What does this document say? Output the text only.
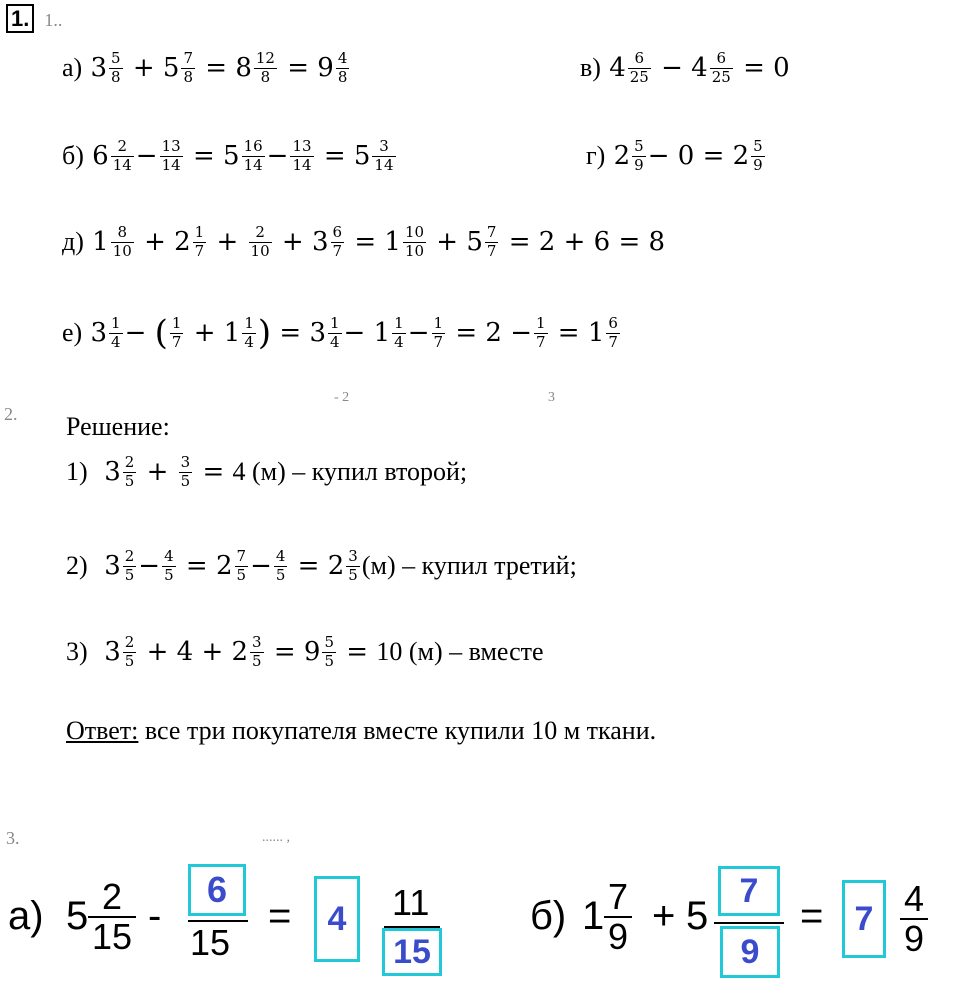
1. 1..
а)
$3 \frac{5}{8}$
+
$5 \frac{7}{8}$
=
$8 \frac{12}{8}$
=
$9 \frac{4}{8}$	в)
$4 \frac{6}{25}$
−
$4 \frac{6}{25}$
=
0
б)
$6 \frac{2}{14} - \frac{13}{14}$
=
$5 \frac{16}{14} - \frac{13}{14}$
=
$5 \frac{3}{14}$	г)
$2 \frac{5}{9}$ −
0
=
$2 \frac{5}{9}$
д)
$1 \frac{8}{10}$
+
$2 \frac{1}{7}$
+
$\frac{2}{10}$
+
$3 \frac{6}{7}$
=
$1 \frac{10}{10}$
+
$5 \frac{7}{7}$
=
2 + 6 = 8
е)
$3 \frac{1}{4}$ −
( $\frac{1}{7}$
+
$1 \frac{1}{4}$ )
=
$3 \frac{1}{4}$ −
$1 \frac{1}{4} - \frac{1}{7}$
=
2
− $\frac{1}{7}$
=
$1 \frac{6}{7}$
2.
- 2	3
Решение:
1)
$3 \frac{2}{5}$
+
$\frac{3}{5}$
=
4 (м) – купил второй;
2)
$3 \frac{2}{5} - \frac{4}{5}$
=
$2 \frac{7}{5} - \frac{4}{5}$
=
$2 \frac{3}{5} (м)$ – купил третий;
3)
$3 \frac{2}{5}$
+
4
+
$2 \frac{3}{5}$
=
$9 \frac{5}{5}$
=
10 (м) – вместе
Ответ: все три покупателя вместе купили 10 м ткани.
3.	...... ,
а) 5 2
15 -
6
15
=	4	11
15
б) 1 7
9 + 5
7
9
= 7 4
9
